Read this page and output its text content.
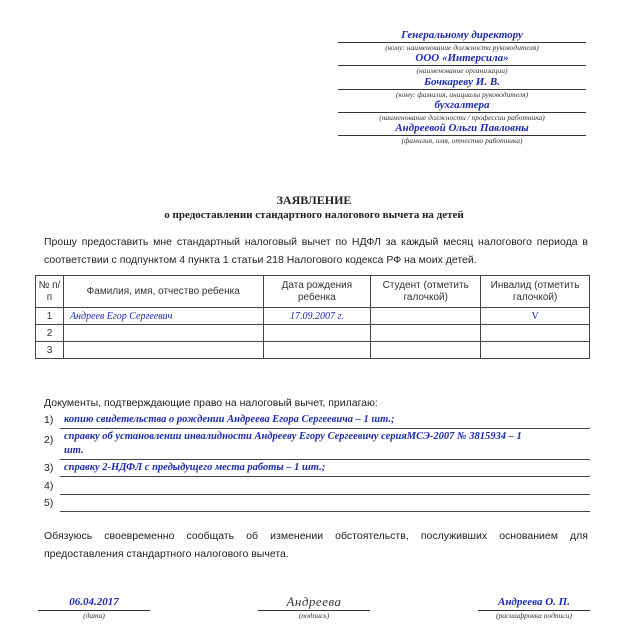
Генеральному директору
(кому: наименование должности руководителя)
ООО «Интерсила»
(наименование организации)
Бочкареву И. В.
(кому: фамилия, инициалы руководителя)
бухгалтера
(наименование должности / профессии работника)
Андреевой Ольги Павловны
(фамилия, имя, отчество работника)
ЗАЯВЛЕНИЕ
о предоставлении стандартного налогового вычета на детей
Прошу предоставить мне стандартный налоговый вычет по НДФЛ за каждый месяц налогового периода в соответствии с подпунктом 4 пункта 1 статьи 218 Налогового кодекса РФ на моих детей.
№ п/п	Фамилия, имя, отчество ребенка	Дата рождения ребенка	Студент (отметить галочкой)	Инвалид (отметить галочкой)
1	Андреев Егор Сергеевич	17.09.2007 г.		V
2				
3				
Документы, подтверждающие право на налоговый вычет, прилагаю:
1) копию свидетельства о рождении Андреева Егора Сергеевича – 1 шт.;
2) справку об установлении инвалидности Андрееву Егору Сергеевичу серияМСЭ-2007 № 3815934 – 1
шт.
3) справку 2-НДФЛ с предыдущего места работы – 1 шт.;
4)
5)
Обязуюсь своевременно сообщать об изменении обстоятельств, послуживших основанием для предоставления стандартного налогового вычета.
06.04.2017
(дата)
Андреева
(подпись)
Андреева О. П.
(расшифровка подписи)
